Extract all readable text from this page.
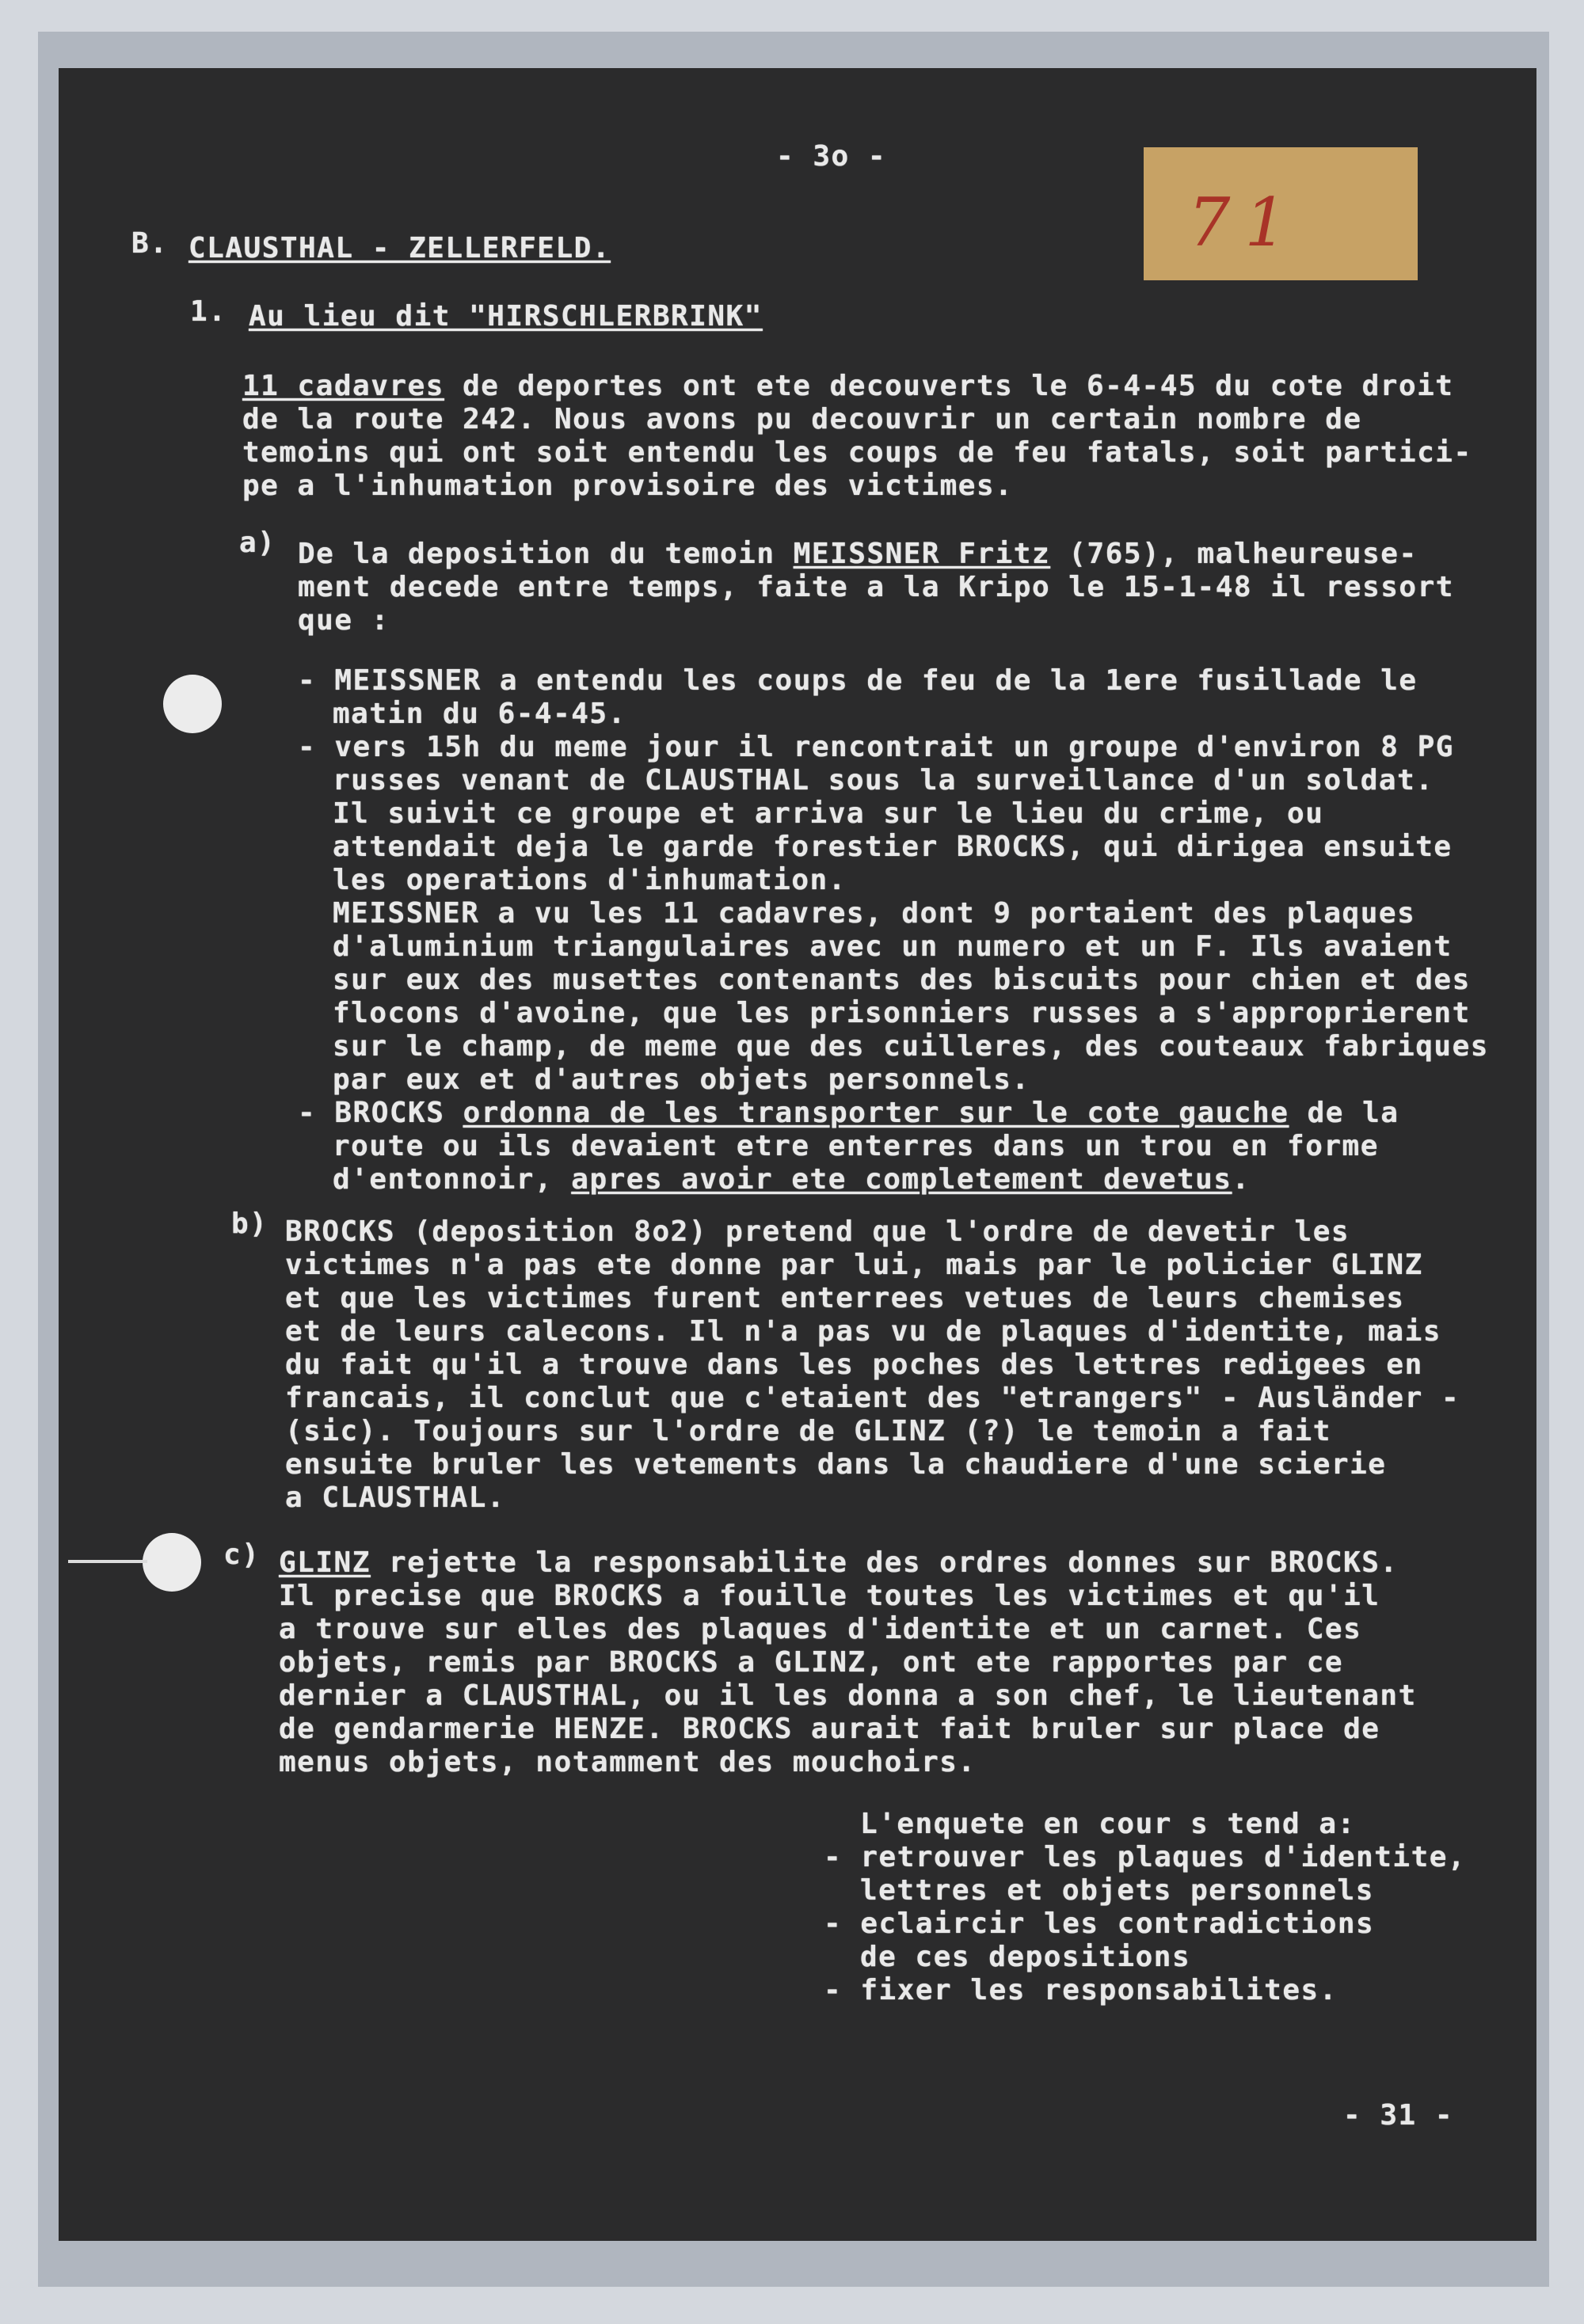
71
- 3o -
B. CLAUSTHAL - ZELLERFELD.
1. Au lieu dit "HIRSCHLERBRINK"
11 cadavres de deportes ont ete decouverts le 6-4-45 du cote droit
de la route 242. Nous avons pu decouvrir un certain nombre de
temoins qui ont soit entendu les coups de feu fatals, soit partici-
pe a l'inhumation provisoire des victimes.
a) De la deposition du temoin MEISSNER Fritz (765), malheureuse-
ment decede entre temps, faite a la Kripo le 15-1-48 il ressort
que :
- MEISSNER a entendu les coups de feu de la 1ere fusillade le
matin du 6-4-45.
- vers 15h du meme jour il rencontrait un groupe d'environ 8 PG
russes venant de CLAUSTHAL sous la surveillance d'un soldat.
Il suivit ce groupe et arriva sur le lieu du crime, ou
attendait deja le garde forestier BROCKS, qui dirigea ensuite
les operations d'inhumation.
MEISSNER a vu les 11 cadavres, dont 9 portaient des plaques
d'aluminium triangulaires avec un numero et un F. Ils avaient
sur eux des musettes contenants des biscuits pour chien et des
flocons d'avoine, que les prisonniers russes a s'approprierent
sur le champ, de meme que des cuilleres, des couteaux fabriques
par eux et d'autres objets personnels.
- BROCKS ordonna de les transporter sur le cote gauche de la
route ou ils devaient etre enterres dans un trou en forme
d'entonnoir, apres avoir ete completement devetus.
b) BROCKS (deposition 8o2) pretend que l'ordre de devetir les
victimes n'a pas ete donne par lui, mais par le policier GLINZ
et que les victimes furent enterrees vetues de leurs chemises
et de leurs calecons. Il n'a pas vu de plaques d'identite, mais
du fait qu'il a trouve dans les poches des lettres redigees en
francais, il conclut que c'etaient des "etrangers" - Ausländer -
(sic). Toujours sur l'ordre de GLINZ (?) le temoin a fait
ensuite bruler les vetements dans la chaudiere d'une scierie
a CLAUSTHAL.
c) GLINZ rejette la responsabilite des ordres donnes sur BROCKS.
Il precise que BROCKS a fouille toutes les victimes et qu'il
a trouve sur elles des plaques d'identite et un carnet. Ces
objets, remis par BROCKS a GLINZ, ont ete rapportes par ce
dernier a CLAUSTHAL, ou il les donna a son chef, le lieutenant
de gendarmerie HENZE. BROCKS aurait fait bruler sur place de
menus objets, notamment des mouchoirs.
L'enquete en cour s tend a:
- retrouver les plaques d'identite,
lettres et objets personnels
- eclaircir les contradictions
de ces depositions
- fixer les responsabilites.
- 31 -
